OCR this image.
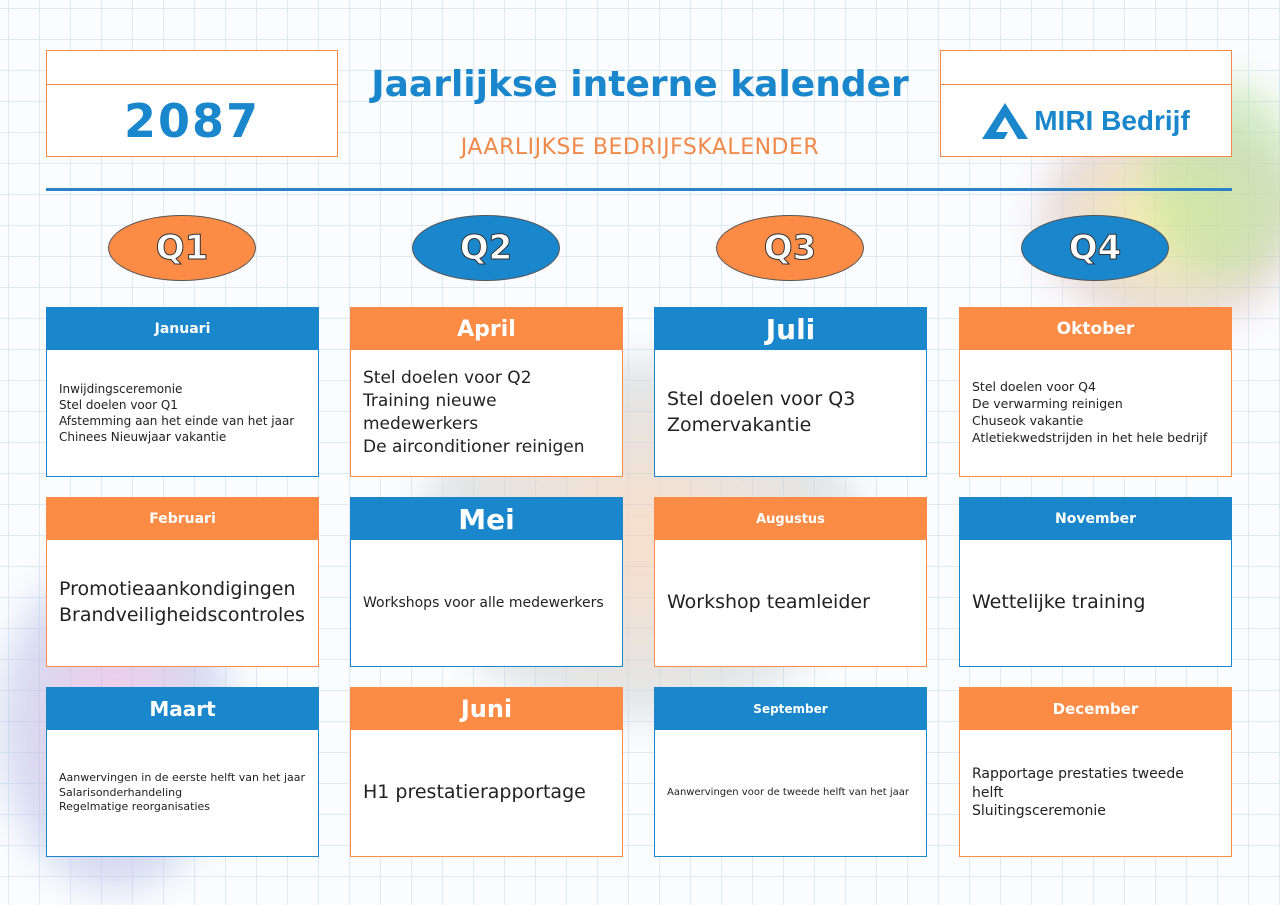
2087
Jaarlijkse interne kalender
JAARLIJKSE BEDRIJFSKALENDER
MIRI Bedrijf
Q1	Q2	Q3	Q4
Januari
Inwijdingsceremonie
Stel doelen voor Q1
Afstemming aan het einde van het jaar
Chinees Nieuwjaar vakantie
Februari
Promotieaankondigingen
Brandveiligheidscontroles
Maart
Aanwervingen in de eerste helft van het jaar
Salarisonderhandeling
Regelmatige reorganisaties
April
Stel doelen voor Q2
Training nieuwe medewerkers
De airconditioner reinigen
Mei
Workshops voor alle medewerkers
Juni
H1 prestatierapportage
Juli
Stel doelen voor Q3
Zomervakantie
Augustus
Workshop teamleider
September
Aanwervingen voor de tweede helft van het jaar
Oktober
Stel doelen voor Q4
De verwarming reinigen
Chuseok vakantie
Atletiekwedstrijden in het hele bedrijf
November
Wettelijke training
December
Rapportage prestaties tweede helft
Sluitingsceremonie
